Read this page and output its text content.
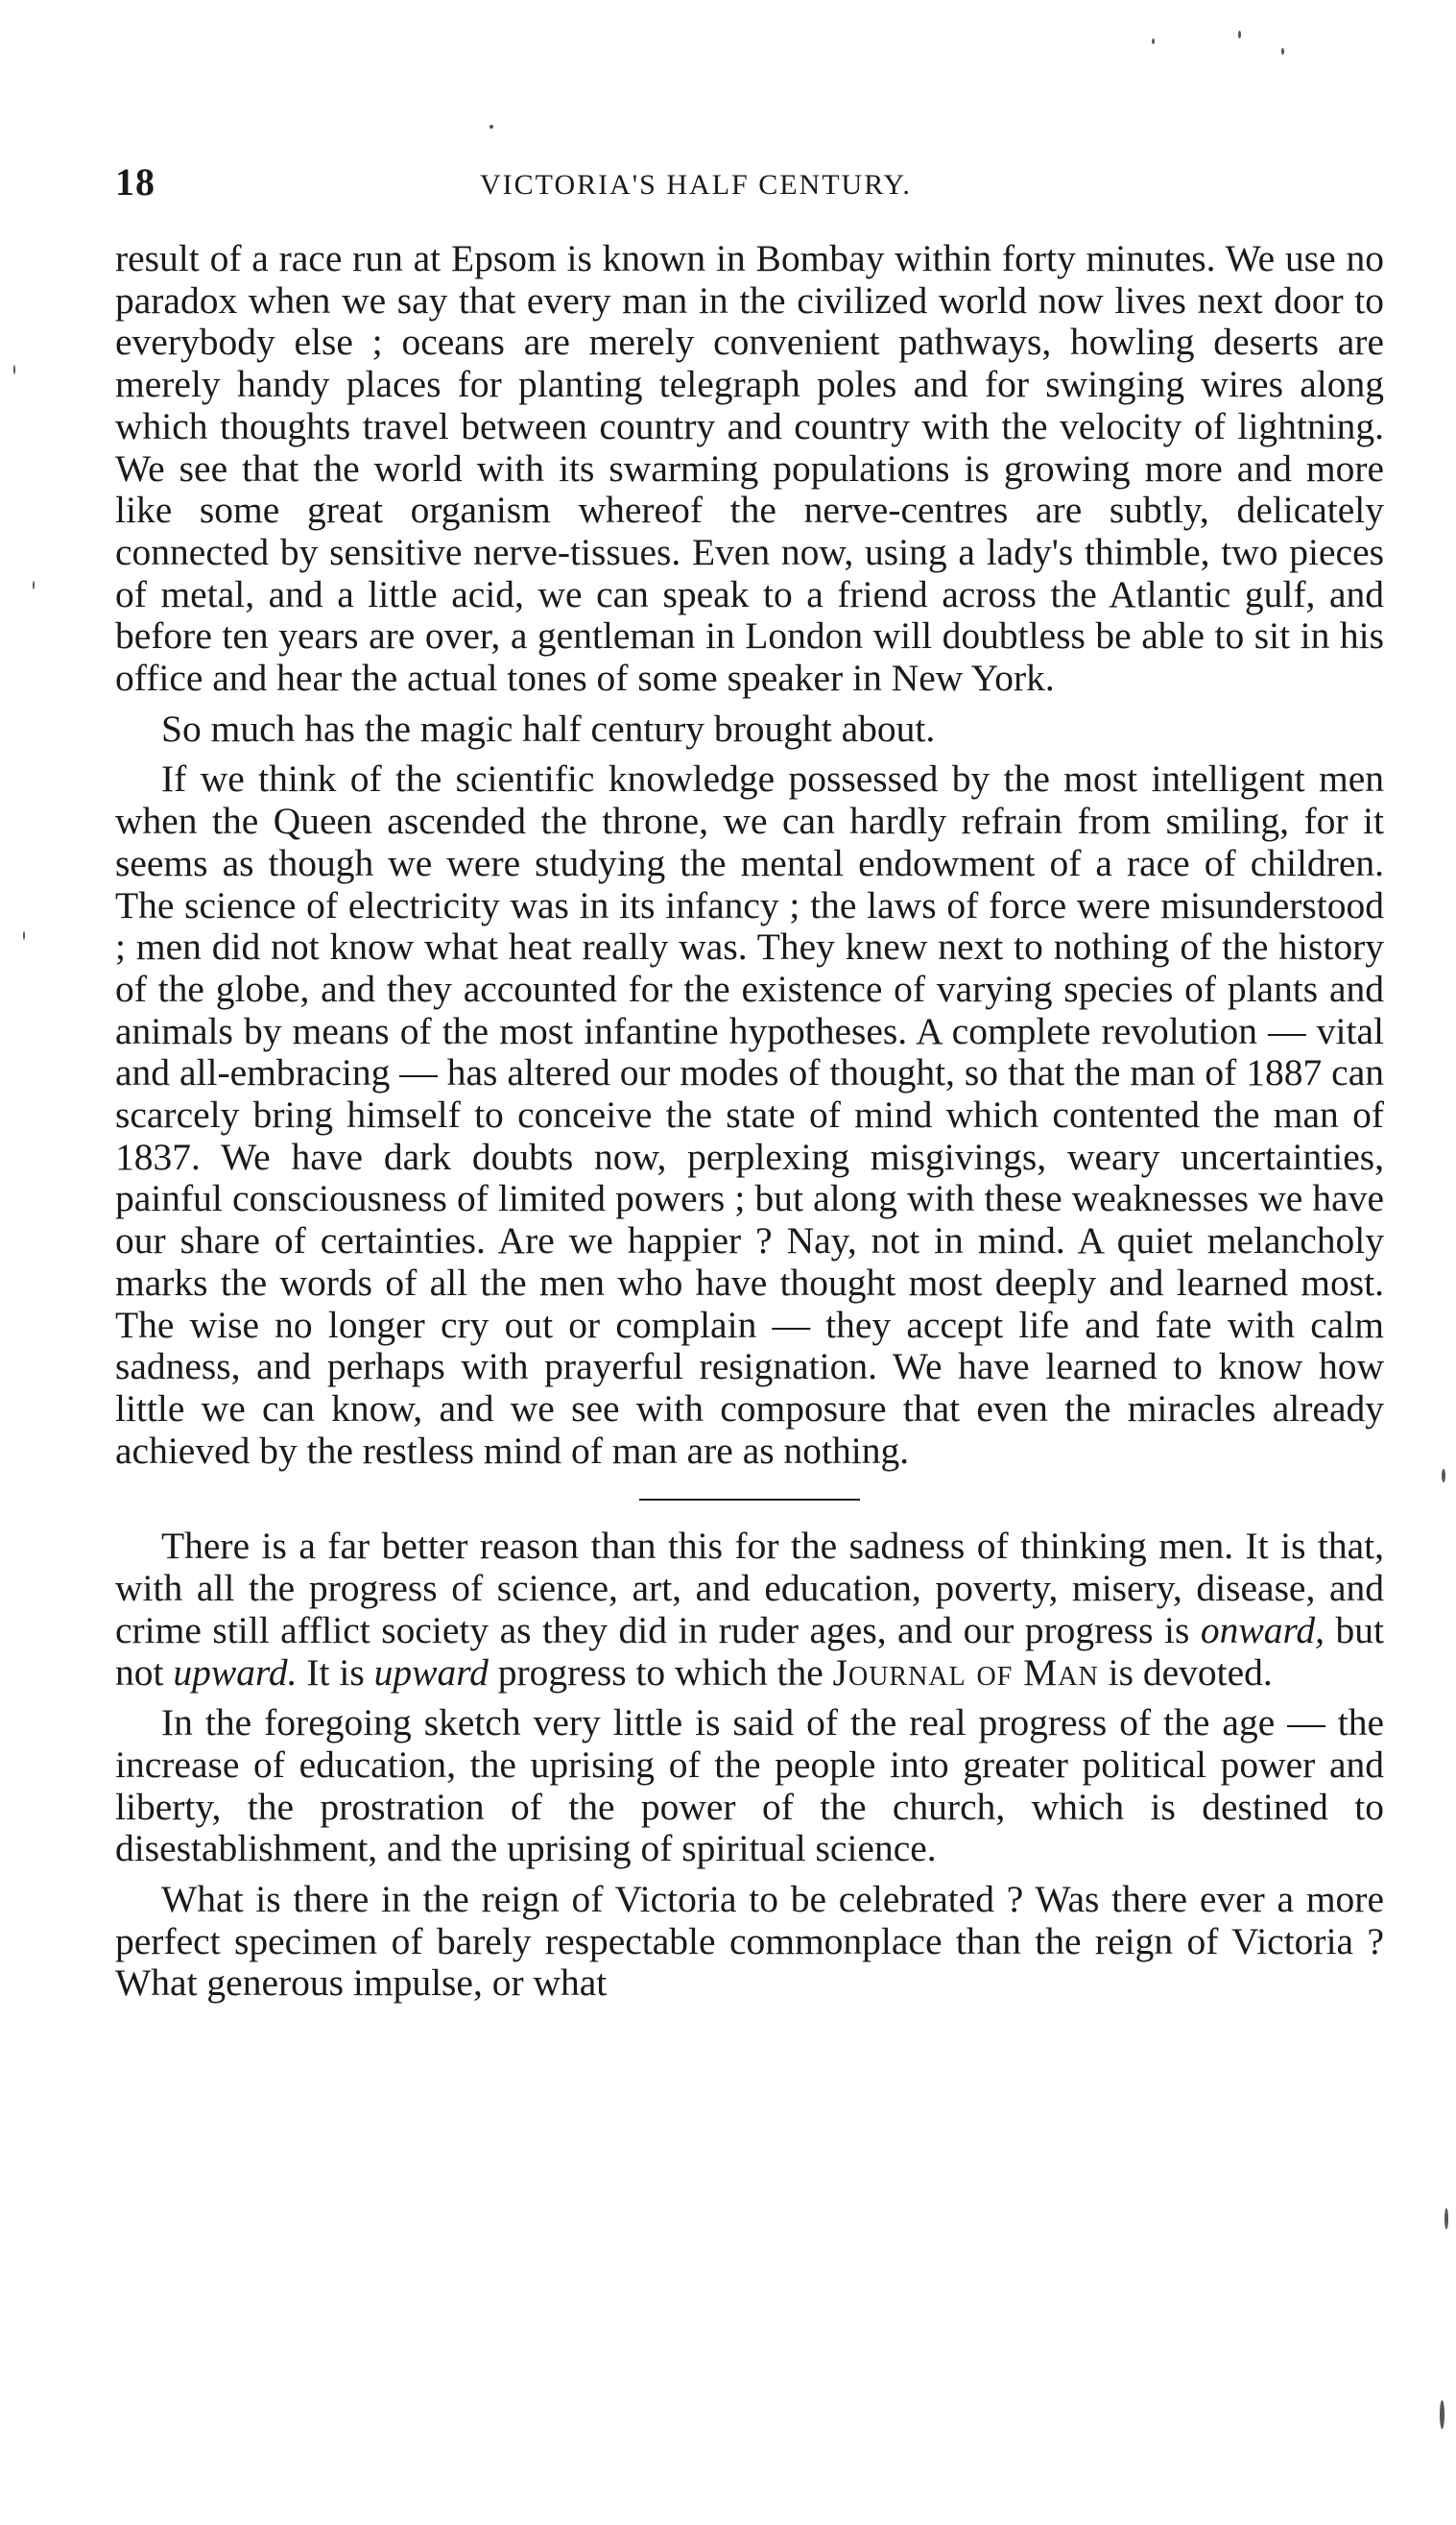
18	VICTORIA'S HALF CENTURY.

result of a race run at Epsom is known in Bombay within forty minutes. We use no paradox when we say that every man in the civilized world now lives next door to everybody else ; oceans are merely convenient pathways, howling deserts are merely handy places for planting telegraph poles and for swinging wires along which thoughts travel between country and country with the velocity of lightning. We see that the world with its swarming populations is growing more and more like some great organism whereof the nerve-centres are subtly, delicately connected by sensitive nerve-tissues. Even now, using a lady's thimble, two pieces of metal, and a little acid, we can speak to a friend across the Atlantic gulf, and before ten years are over, a gentleman in London will doubtless be able to sit in his office and hear the actual tones of some speaker in New York.

So much has the magic half century brought about.

If we think of the scientific knowledge possessed by the most intelligent men when the Queen ascended the throne, we can hardly refrain from smiling, for it seems as though we were studying the mental endowment of a race of children. The science of electricity was in its infancy ; the laws of force were misunderstood ; men did not know what heat really was. They knew next to nothing of the history of the globe, and they accounted for the existence of varying species of plants and animals by means of the most infantine hypotheses. A complete revolution — vital and all-embracing — has altered our modes of thought, so that the man of 1887 can scarcely bring himself to conceive the state of mind which contented the man of 1837. We have dark doubts now, perplexing misgivings, weary uncertainties, painful consciousness of limited powers ; but along with these weaknesses we have our share of certainties. Are we happier ? Nay, not in mind. A quiet melancholy marks the words of all the men who have thought most deeply and learned most. The wise no longer cry out or complain — they accept life and fate with calm sadness, and perhaps with prayerful resignation. We have learned to know how little we can know, and we see with composure that even the miracles already achieved by the restless mind of man are as nothing.

There is a far better reason than this for the sadness of thinking men. It is that, with all the progress of science, art, and education, poverty, misery, disease, and crime still afflict society as they did in ruder ages, and our progress is onward, but not upward. It is upward progress to which the Journal of Man is devoted.

In the foregoing sketch very little is said of the real progress of the age — the increase of education, the uprising of the people into greater political power and liberty, the prostration of the power of the church, which is destined to disestablishment, and the uprising of spiritual science.

What is there in the reign of Victoria to be celebrated ? Was there ever a more perfect specimen of barely respectable commonplace than the reign of Victoria ? What generous impulse, or what
